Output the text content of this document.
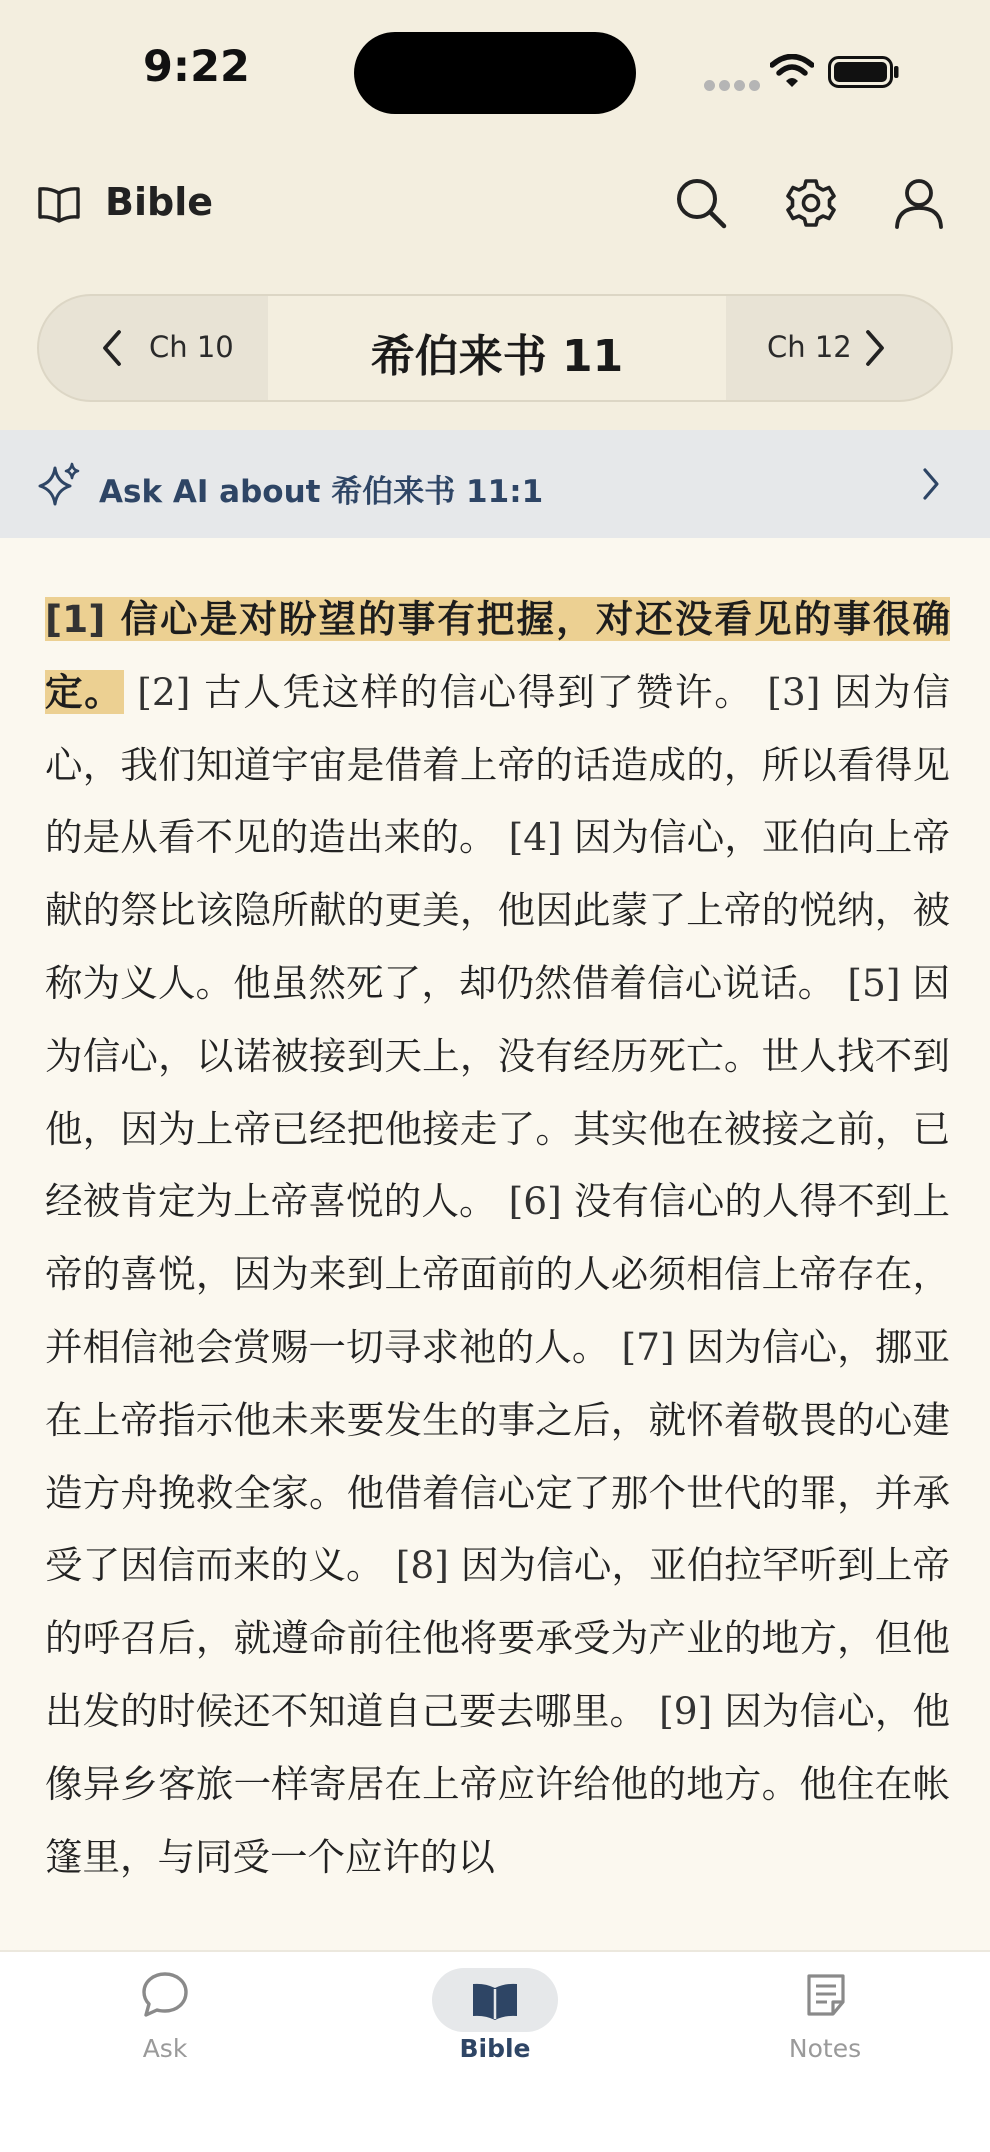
9:22
Bible
Ch 10	希伯来书 11	Ch 12
Ask AI about 希伯来书 11:1
[1] 信心是对盼望的事有把握，对还没看见的事很确定。 [2] 古人凭这样的信心得到了赞许。 [3] 因为信心，我们知道宇宙是借着上帝的话造成的，所以看得见的是从看不见的造出来的。 [4] 因为信心，亚伯向上帝献的祭比该隐所献的更美，他因此蒙了上帝的悦纳，被称为义人。他虽然死了，却仍然借着信心说话。 [5] 因为信心，以诺被接到天上，没有经历死亡。世人找不到他，因为上帝已经把他接走了。其实他在被接之前，已经被肯定为上帝喜悦的人。 [6] 没有信心的人得不到上帝的喜悦，因为来到上帝面前的人必须相信上帝存在，并相信祂会赏赐一切寻求祂的人。 [7] 因为信心，挪亚在上帝指示他未来要发生的事之后，就怀着敬畏的心建造方舟挽救全家。他借着信心定了那个世代的罪，并承受了因信而来的义。 [8] 因为信心，亚伯拉罕听到上帝的呼召后，就遵命前往他将要承受为产业的地方，但他出发的时候还不知道自己要去哪里。 [9] 因为信心，他像异乡客旅一样寄居在上帝应许给他的地方。他住在帐篷里，与同受一个应许的以
Ask	Bible	Notes
